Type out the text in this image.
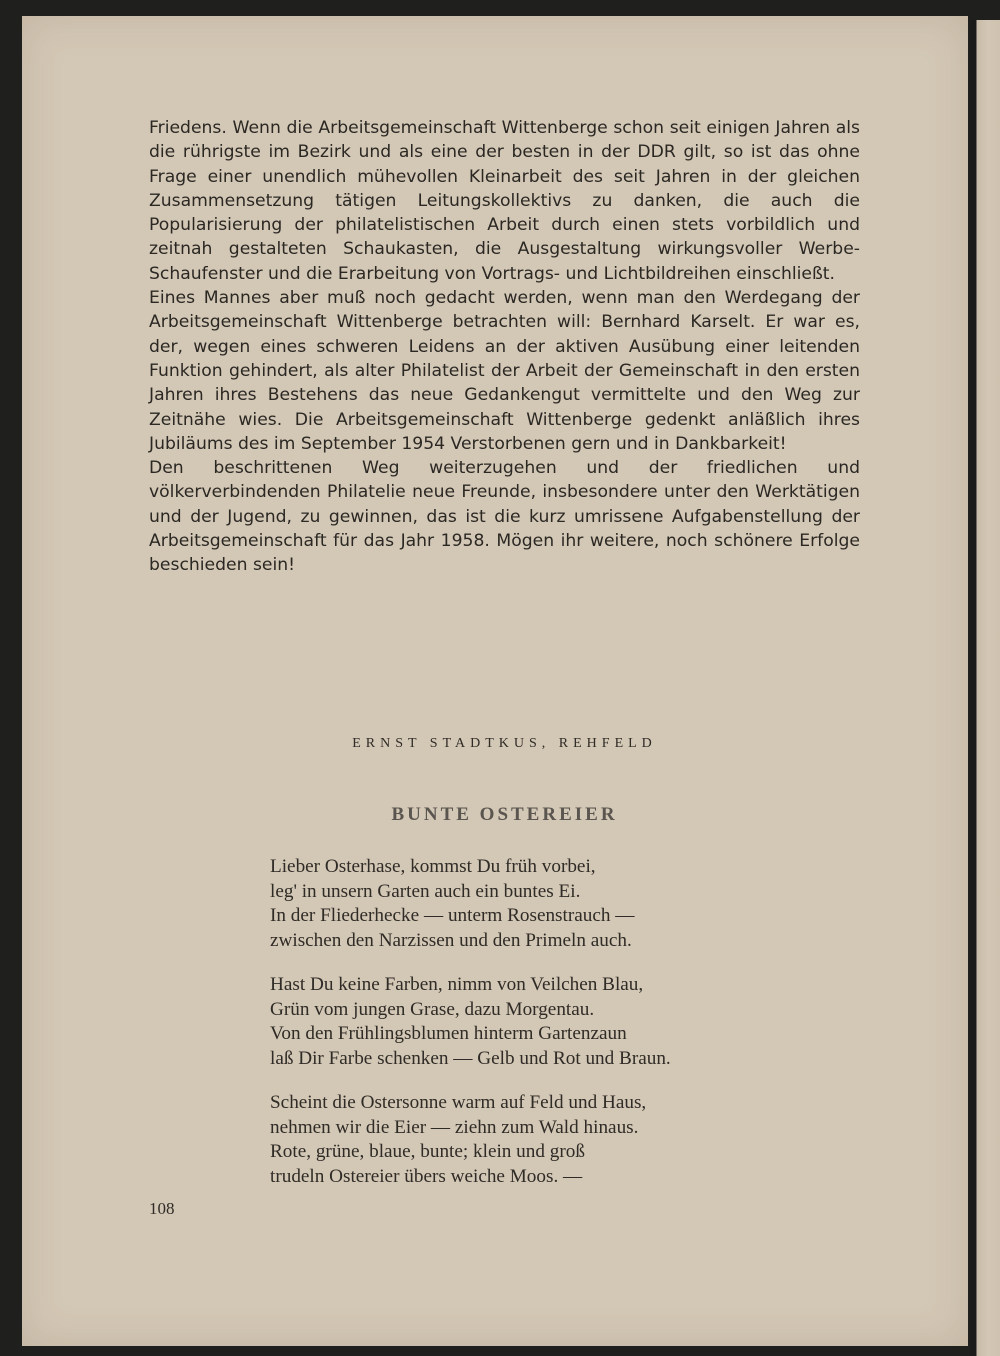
Friedens. Wenn die Arbeitsgemeinschaft Wittenberge schon seit einigen Jahren als die rührigste im Bezirk und als eine der besten in der DDR gilt, so ist das ohne Frage einer unendlich mühevollen Kleinarbeit des seit Jahren in der gleichen Zusammensetzung tätigen Leitungskollektivs zu danken, die auch die Popularisierung der philatelistischen Arbeit durch einen stets vorbildlich und zeitnah gestalteten Schaukasten, die Ausgestaltung wirkungsvoller Werbe-Schaufenster und die Erarbeitung von Vortrags- und Lichtbildreihen einschließt.

Eines Mannes aber muß noch gedacht werden, wenn man den Werdegang der Arbeitsgemeinschaft Wittenberge betrachten will: Bernhard Karselt. Er war es, der, wegen eines schweren Leidens an der aktiven Ausübung einer leitenden Funktion gehindert, als alter Philatelist der Arbeit der Gemeinschaft in den ersten Jahren ihres Bestehens das neue Gedankengut vermittelte und den Weg zur Zeitnähe wies. Die Arbeitsgemeinschaft Wittenberge gedenkt anläßlich ihres Jubiläums des im September 1954 Verstorbenen gern und in Dankbarkeit!

Den beschrittenen Weg weiterzugehen und der friedlichen und völkerverbindenden Philatelie neue Freunde, insbesondere unter den Werktätigen und der Jugend, zu gewinnen, das ist die kurz umrissene Aufgabenstellung der Arbeitsgemeinschaft für das Jahr 1958. Mögen ihr weitere, noch schönere Erfolge beschieden sein!

ERNST STADTKUS, REHFELD
BUNTE OSTEREIER
Lieber Osterhase, kommst Du früh vorbei,
leg' in unsern Garten auch ein buntes Ei.
In der Fliederhecke — unterm Rosenstrauch —
zwischen den Narzissen und den Primeln auch.
Hast Du keine Farben, nimm von Veilchen Blau,
Grün vom jungen Grase, dazu Morgentau.
Von den Frühlingsblumen hinterm Gartenzaun
laß Dir Farbe schenken — Gelb und Rot und Braun.
Scheint die Ostersonne warm auf Feld und Haus,
nehmen wir die Eier — ziehn zum Wald hinaus.
Rote, grüne, blaue, bunte; klein und groß
trudeln Ostereier übers weiche Moos. —
108
